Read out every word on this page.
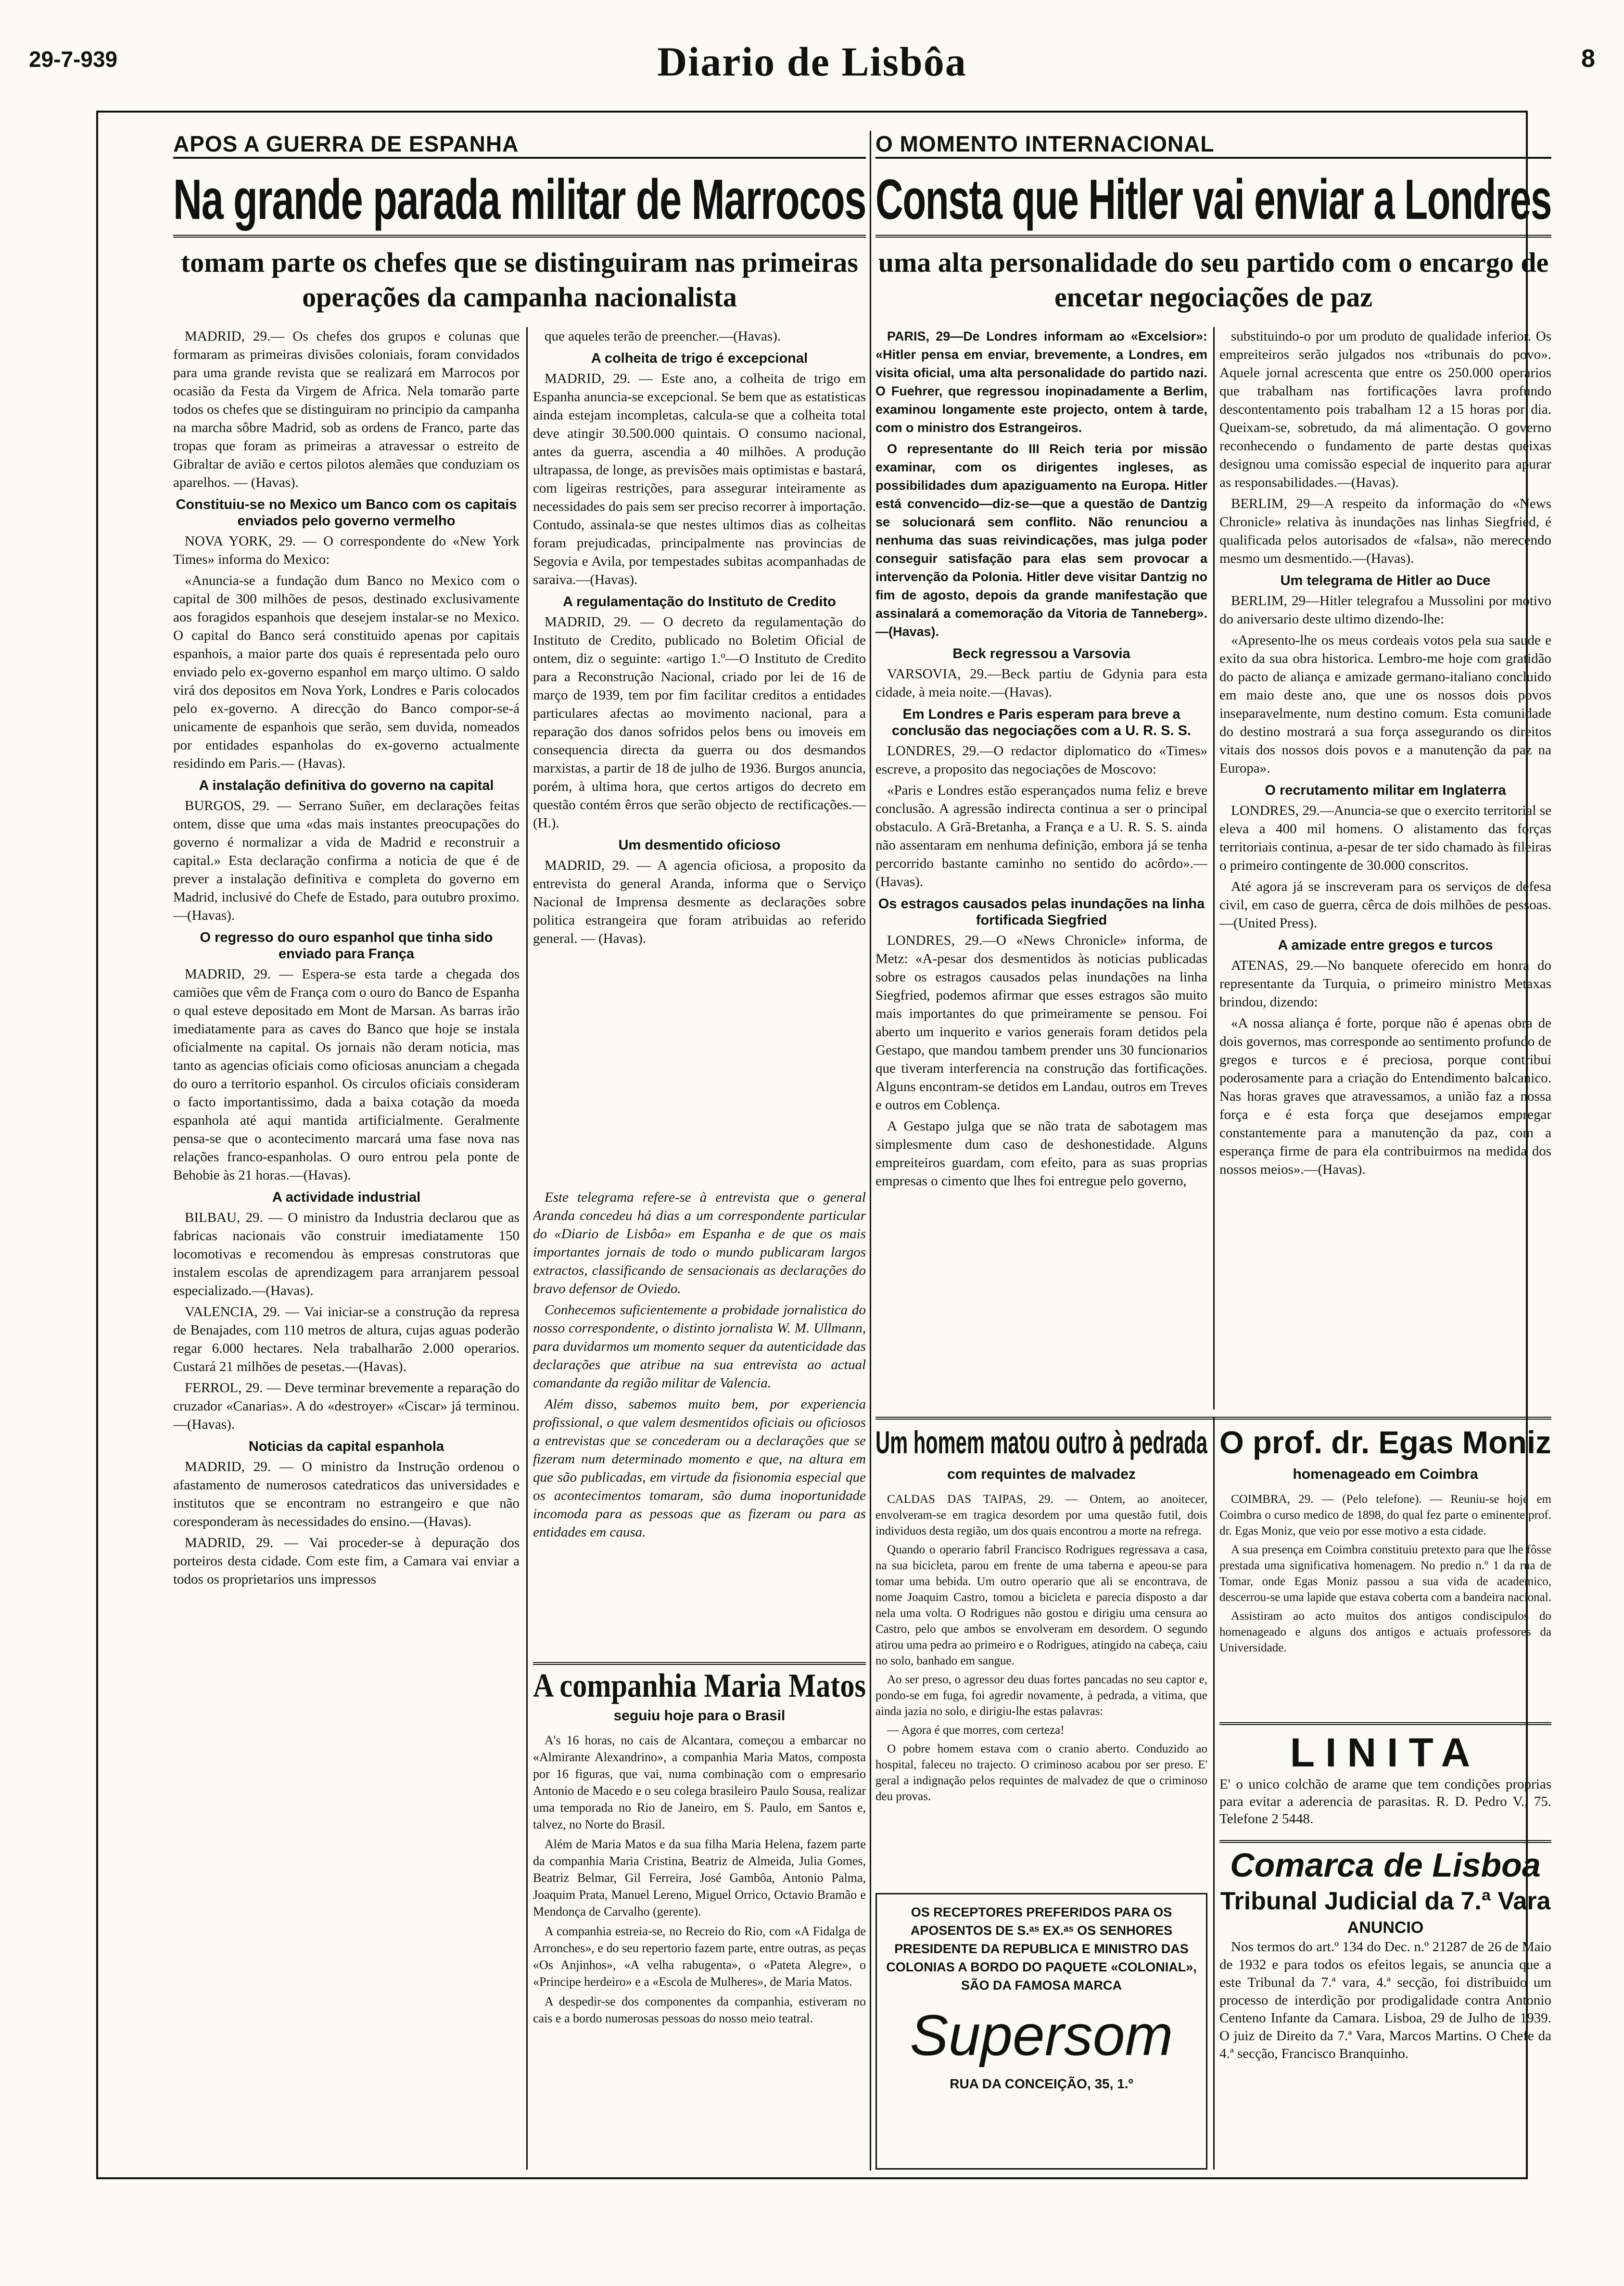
29-7-939	Diario de Lisbôa	8
APOS A GUERRA DE ESPANHA
Na grande parada militar de Marrocos
tomam parte os chefes que se distinguiram nas primeiras operações da campanha nacionalista

MADRID, 29.— Os chefes dos grupos e colunas que formaram as primeiras divisões coloniais, foram convidados para uma grande revista que se realizará em Marrocos por ocasião da Festa da Virgem de Africa. Nela tomarão parte todos os chefes que se distinguiram no principio da campanha na marcha sôbre Madrid, sob as ordens de Franco, parte das tropas que foram as primeiras a atravessar o estreito de Gibraltar de avião e certos pilotos alemães que conduziam os aparelhos. — (Havas).

Constituiu-se no Mexico um Banco com os capitais enviados pelo governo vermelho

NOVA YORK, 29. — O correspondente do «New York Times» informa do Mexico:

«Anuncia-se a fundação dum Banco no Mexico com o capital de 300 milhões de pesos, destinado exclusivamente aos foragidos espanhois que desejem instalar-se no Mexico. O capital do Banco será constituido apenas por capitais espanhois, a maior parte dos quais é representada pelo ouro enviado pelo ex-governo espanhol em março ultimo. O saldo virá dos depositos em Nova York, Londres e Paris colocados pelo ex-governo. A direcção do Banco compor-se-á unicamente de espanhois que serão, sem duvida, nomeados por entidades espanholas do ex-governo actualmente residindo em Paris.— (Havas).

A instalação definitiva do governo na capital

BURGOS, 29. — Serrano Suñer, em declarações feitas ontem, disse que uma «das mais instantes preocupações do governo é normalizar a vida de Madrid e reconstruir a capital.» Esta declaração confirma a noticia de que é de prever a instalação definitiva e completa do governo em Madrid, inclusivé do Chefe de Estado, para outubro proximo.—(Havas).

O regresso do ouro espanhol que tinha sido enviado para França

MADRID, 29. — Espera-se esta tarde a chegada dos camiões que vêm de França com o ouro do Banco de Espanha o qual esteve depositado em Mont de Marsan. As barras irão imediatamente para as caves do Banco que hoje se instala oficialmente na capital. Os jornais não deram noticia, mas tanto as agencias oficiais como oficiosas anunciam a chegada do ouro a territorio espanhol. Os circulos oficiais consideram o facto importantissimo, dada a baixa cotação da moeda espanhola até aqui mantida artificialmente. Geralmente pensa-se que o acontecimento marcará uma fase nova nas relações franco-espanholas. O ouro entrou pela ponte de Behobie às 21 horas.—(Havas).

A actividade industrial

BILBAU, 29. — O ministro da Industria declarou que as fabricas nacionais vão construir imediatamente 150 locomotivas e recomendou às empresas construtoras que instalem escolas de aprendizagem para arranjarem pessoal especializado.—(Havas).

VALENCIA, 29. — Vai iniciar-se a construção da represa de Benajades, com 110 metros de altura, cujas aguas poderão regar 6.000 hectares. Nela trabalharão 2.000 operarios. Custará 21 milhões de pesetas.—(Havas).

FERROL, 29. — Deve terminar brevemente a reparação do cruzador «Canarias». A do «destroyer» «Ciscar» já terminou.—(Havas).

Noticias da capital espanhola

MADRID, 29. — O ministro da Instrução ordenou o afastamento de numerosos catedraticos das universidades e institutos que se encontram no estrangeiro e que não coresponderam às necessidades do ensino.—(Havas).

MADRID, 29. — Vai proceder-se à depuração dos porteiros desta cidade. Com este fim, a Camara vai enviar a todos os proprietarios uns impressos

que aqueles terão de preencher.—(Havas).

A colheita de trigo é excepcional

MADRID, 29. — Este ano, a colheita de trigo em Espanha anuncia-se excepcional. Se bem que as estatisticas ainda estejam incompletas, calcula-se que a colheita total deve atingir 30.500.000 quintais. O consumo nacional, antes da guerra, ascendia a 40 milhões. A produção ultrapassa, de longe, as previsões mais optimistas e bastará, com ligeiras restrições, para assegurar inteiramente as necessidades do pais sem ser preciso recorrer à importação. Contudo, assinala-se que nestes ultimos dias as colheitas foram prejudicadas, principalmente nas provincias de Segovia e Avila, por tempestades subitas acompanhadas de saraiva.—(Havas).

A regulamentação do Instituto de Credito

MADRID, 29. — O decreto da regulamentação do Instituto de Credito, publicado no Boletim Oficial de ontem, diz o seguinte: «artigo 1.º—O Instituto de Credito para a Reconstrução Nacional, criado por lei de 16 de março de 1939, tem por fim facilitar creditos a entidades particulares afectas ao movimento nacional, para a reparação dos danos sofridos pelos bens ou imoveis em consequencia directa da guerra ou dos desmandos marxistas, a partir de 18 de julho de 1936. Burgos anuncia, porém, à ultima hora, que certos artigos do decreto em questão contém êrros que serão objecto de rectificações.—(H.).

Um desmentido oficioso

MADRID, 29. — A agencia oficiosa, a proposito da entrevista do general Aranda, informa que o Serviço Nacional de Imprensa desmente as declarações sobre politica estrangeira que foram atribuidas ao referido general. — (Havas).

Este telegrama refere-se à entrevista que o general Aranda concedeu há dias a um correspondente particular do «Diario de Lisbôa» em Espanha e de que os mais importantes jornais de todo o mundo publicaram largos extractos, classificando de sensacionais as declarações do bravo defensor de Oviedo.

Conhecemos suficientemente a probidade jornalistica do nosso correspondente, o distinto jornalista W. M. Ullmann, para duvidarmos um momento sequer da autenticidade das declarações que atribue na sua entrevista ao actual comandante da região militar de Valencia.

Além disso, sabemos muito bem, por experiencia profissional, o que valem desmentidos oficiais ou oficiosos a entrevistas que se concederam ou a declarações que se fizeram num determinado momento e que, na altura em que são publicadas, em virtude da fisionomia especial que os acontecimentos tomaram, são duma inoportunidade incomoda para as pessoas que as fizeram ou para as entidades em causa.

A companhia Maria Matos
seguiu hoje para o Brasil

A's 16 horas, no cais de Alcantara, começou a embarcar no «Almirante Alexandrino», a companhia Maria Matos, composta por 16 figuras, que vai, numa combinação com o empresario Antonio de Macedo e o seu colega brasileiro Paulo Sousa, realizar uma temporada no Rio de Janeiro, em S. Paulo, em Santos e, talvez, no Norte do Brasil.

Além de Maria Matos e da sua filha Maria Helena, fazem parte da companhia Maria Cristina, Beatriz de Almeida, Julia Gomes, Beatriz Belmar, Gil Ferreira, José Gambôa, Antonio Palma, Joaquim Prata, Manuel Lereno, Miguel Orrico, Octavio Bramão e Mendonça de Carvalho (gerente).

A companhia estreia-se, no Recreio do Rio, com «A Fidalga de Arronches», e do seu repertorio fazem parte, entre outras, as peças «Os Anjinhos», «A velha rabugenta», o «Pateta Alegre», o «Principe herdeiro» e a «Escola de Mulheres», de Maria Matos.

A despedir-se dos componentes da companhia, estiveram no cais e a bordo numerosas pessoas do nosso meio teatral.

O MOMENTO INTERNACIONAL
Consta que Hitler vai enviar a Londres
uma alta personalidade do seu partido com o encargo de encetar negociações de paz

PARIS, 29—De Londres informam ao «Excelsior»: «Hitler pensa em enviar, brevemente, a Londres, em visita oficial, uma alta personalidade do partido nazi. O Fuehrer, que regressou inopinadamente a Berlim, examinou longamente este projecto, ontem à tarde, com o ministro dos Estrangeiros.

O representante do III Reich teria por missão examinar, com os dirigentes ingleses, as possibilidades dum apaziguamento na Europa. Hitler está convencido—diz-se—que a questão de Dantzig se solucionará sem conflito. Não renunciou a nenhuma das suas reivindicações, mas julga poder conseguir satisfação para elas sem provocar a intervenção da Polonia. Hitler deve visitar Dantzig no fim de agosto, depois da grande manifestação que assinalará a comemoração da Vitoria de Tanneberg».—(Havas).

Beck regressou a Varsovia

VARSOVIA, 29.—Beck partiu de Gdynia para esta cidade, à meia noite.—(Havas).

Em Londres e Paris esperam para breve a conclusão das negociações com a U. R. S. S.

LONDRES, 29.—O redactor diplomatico do «Times» escreve, a proposito das negociações de Moscovo:

«Paris e Londres estão esperançados numa feliz e breve conclusão. A agressão indirecta continua a ser o principal obstaculo. A Grã-Bretanha, a França e a U. R. S. S. ainda não assentaram em nenhuma definição, embora já se tenha percorrido bastante caminho no sentido do acôrdo».—(Havas).

Os estragos causados pelas inundações na linha fortificada Siegfried

LONDRES, 29.—O «News Chronicle» informa, de Metz: «A-pesar dos desmentidos às noticias publicadas sobre os estragos causados pelas inundações na linha Siegfried, podemos afirmar que esses estragos são muito mais importantes do que primeiramente se pensou. Foi aberto um inquerito e varios generais foram detidos pela Gestapo, que mandou tambem prender uns 30 funcionarios que tiveram interferencia na construção das fortificações. Alguns encontram-se detidos em Landau, outros em Treves e outros em Coblença.

A Gestapo julga que se não trata de sabotagem mas simplesmente dum caso de deshonestidade. Alguns empreiteiros guardam, com efeito, para as suas proprias empresas o cimento que lhes foi entregue pelo governo,

substituindo-o por um produto de qualidade inferior. Os empreiteiros serão julgados nos «tribunais do povo». Aquele jornal acrescenta que entre os 250.000 operarios que trabalham nas fortificações lavra profundo descontentamento pois trabalham 12 a 15 horas por dia. Queixam-se, sobretudo, da má alimentação. O governo reconhecendo o fundamento de parte destas queixas designou uma comissão especial de inquerito para apurar as responsabilidades.—(Havas).

BERLIM, 29—A respeito da informação do «News Chronicle» relativa às inundações nas linhas Siegfried, é qualificada pelos autorisados de «falsa», não merecendo mesmo um desmentido.—(Havas).

Um telegrama de Hitler ao Duce

BERLIM, 29—Hitler telegrafou a Mussolini por motivo do aniversario deste ultimo dizendo-lhe:

«Apresento-lhe os meus cordeais votos pela sua saude e exito da sua obra historica. Lembro-me hoje com gratidão do pacto de aliança e amizade germano-italiano concluido em maio deste ano, que une os nossos dois povos inseparavelmente, num destino comum. Esta comunidade do destino mostrará a sua força assegurando os direitos vitais dos nossos dois povos e a manutenção da paz na Europa».

O recrutamento militar em Inglaterra

LONDRES, 29.—Anuncia-se que o exercito territorial se eleva a 400 mil homens. O alistamento das forças territoriais continua, a-pesar de ter sido chamado às fileiras o primeiro contingente de 30.000 conscritos.

Até agora já se inscreveram para os serviços de defesa civil, em caso de guerra, cêrca de dois milhões de pessoas.—(United Press).

A amizade entre gregos e turcos

ATENAS, 29.—No banquete oferecido em honra do representante da Turquia, o primeiro ministro Metaxas brindou, dizendo:

«A nossa aliança é forte, porque não é apenas obra de dois governos, mas corresponde ao sentimento profundo de gregos e turcos e é preciosa, porque contribui poderosamente para a criação do Entendimento balcanico. Nas horas graves que atravessamos, a união faz a nossa força e é esta força que desejamos empregar constantemente para a manutenção da paz, com a esperança firme de para ela contribuirmos na medida dos nossos meios».—(Havas).

Um homem matou outro à pedrada
com requintes de malvadez

CALDAS DAS TAIPAS, 29. — Ontem, ao anoitecer, envolveram-se em tragica desordem por uma questão futil, dois individuos desta região, um dos quais encontrou a morte na refrega.

Quando o operario fabril Francisco Rodrigues regressava a casa, na sua bicicleta, parou em frente de uma taberna e apeou-se para tomar uma bebida. Um outro operario que ali se encontrava, de nome Joaquim Castro, tomou a bicicleta e parecia disposto a dar nela uma volta. O Rodrigues não gostou e dirigiu uma censura ao Castro, pelo que ambos se envolveram em desordem. O segundo atirou uma pedra ao primeiro e o Rodrigues, atingido na cabeça, caiu no solo, banhado em sangue.

Ao ser preso, o agressor deu duas fortes pancadas no seu captor e, pondo-se em fuga, foi agredir novamente, à pedrada, a vitima, que ainda jazia no solo, e dirigiu-lhe estas palavras:

— Agora é que morres, com certeza!

O pobre homem estava com o cranio aberto. Conduzido ao hospital, faleceu no trajecto. O criminoso acabou por ser preso. E' geral a indignação pelos requintes de malvadez de que o criminoso deu provas.

OS RECEPTORES PREFERIDOS PARA OS APOSENTOS DE S.ᵃˢ EX.ᵃˢ OS SENHORES PRESIDENTE DA REPUBLICA E MINISTRO DAS COLONIAS A BORDO DO PAQUETE «COLONIAL», SÃO DA FAMOSA MARCA
Supersom
RUA DA CONCEIÇÃO, 35, 1.º
O prof. dr. Egas Moniz
homenageado em Coimbra

COIMBRA, 29. — (Pelo telefone). — Reuniu-se hoje em Coimbra o curso medico de 1898, do qual fez parte o eminente prof. dr. Egas Moniz, que veio por esse motivo a esta cidade.

A sua presença em Coimbra constituiu pretexto para que lhe fôsse prestada uma significativa homenagem. No predio n.º 1 da rua de Tomar, onde Egas Moniz passou a sua vida de academico, descerrou-se uma lapide que estava coberta com a bandeira nacional.

Assistiram ao acto muitos dos antigos condiscipulos do homenageado e alguns dos antigos e actuais professores da Universidade.

LINITA
E' o unico colchão de arame que tem condições proprias para evitar a aderencia de parasitas. R. D. Pedro V., 75. Telefone 2 5448.
Comarca de Lisboa
Tribunal Judicial da 7.ª Vara
ANUNCIO
Nos termos do art.º 134 do Dec. n.º 21287 de 26 de Maio de 1932 e para todos os efeitos legais, se anuncia que a este Tribunal da 7.ª vara, 4.ª secção, foi distribuido um processo de interdição por prodigalidade contra Antonio Centeno Infante da Camara. Lisboa, 29 de Julho de 1939. O juiz de Direito da 7.ª Vara, Marcos Martins. O Chefe da 4.ª secção, Francisco Branquinho.
